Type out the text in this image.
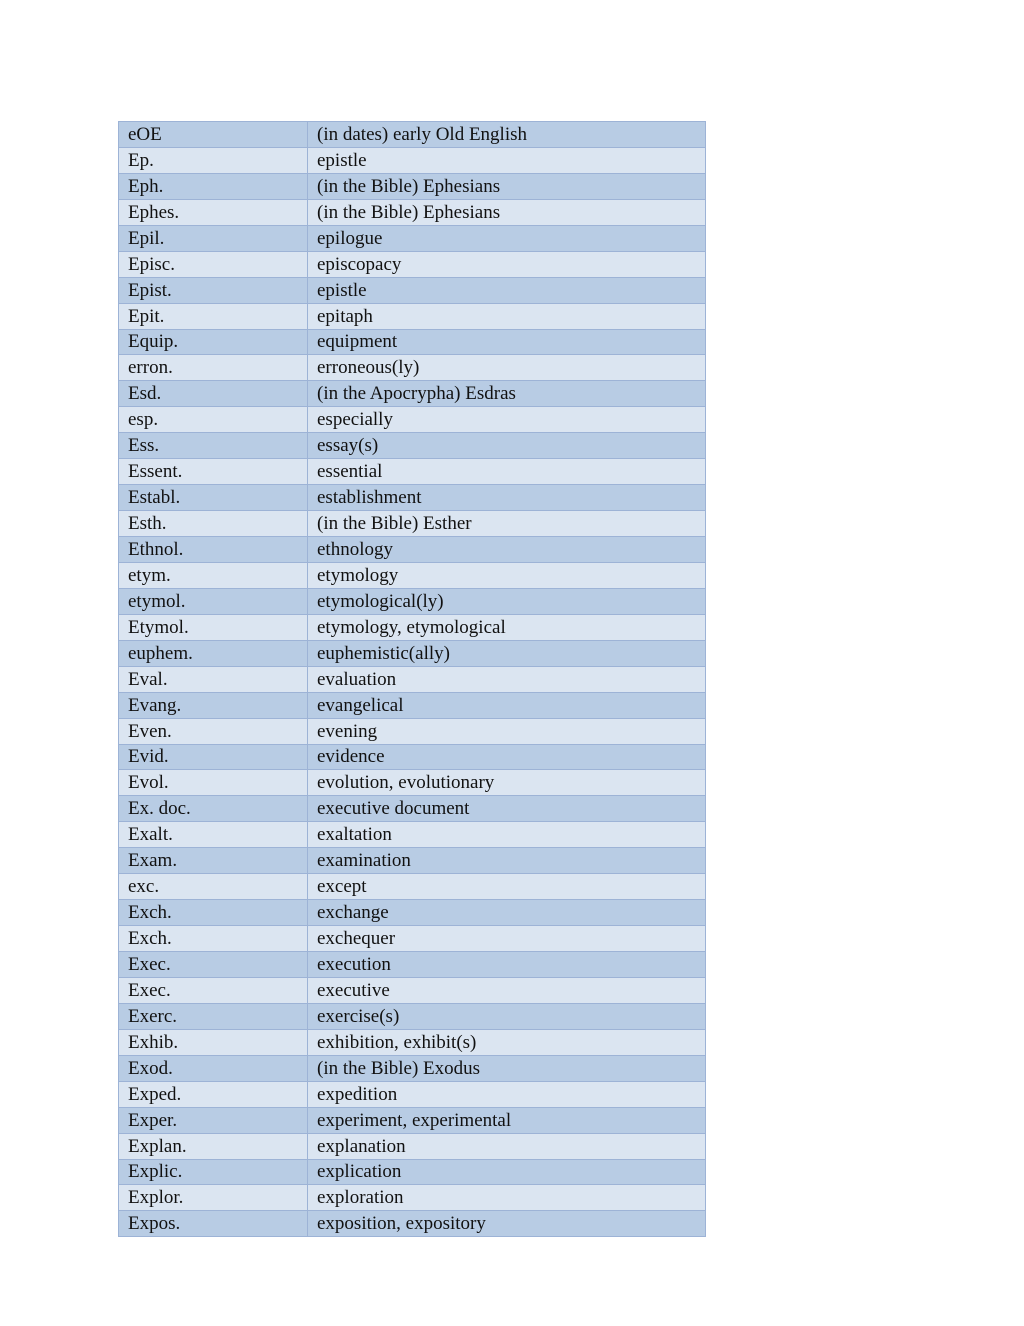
eOE	(in dates) early Old English
Ep.	epistle
Eph.	(in the Bible) Ephesians
Ephes.	(in the Bible) Ephesians
Epil.	epilogue
Episc.	episcopacy
Epist.	epistle
Epit.	epitaph
Equip.	equipment
erron.	erroneous(ly)
Esd.	(in the Apocrypha) Esdras
esp.	especially
Ess.	essay(s)
Essent.	essential
Establ.	establishment
Esth.	(in the Bible) Esther
Ethnol.	ethnology
etym.	etymology
etymol.	etymological(ly)
Etymol.	etymology, etymological
euphem.	euphemistic(ally)
Eval.	evaluation
Evang.	evangelical
Even.	evening
Evid.	evidence
Evol.	evolution, evolutionary
Ex. doc.	executive document
Exalt.	exaltation
Exam.	examination
exc.	except
Exch.	exchange
Exch.	exchequer
Exec.	execution
Exec.	executive
Exerc.	exercise(s)
Exhib.	exhibition, exhibit(s)
Exod.	(in the Bible) Exodus
Exped.	expedition
Exper.	experiment, experimental
Explan.	explanation
Explic.	explication
Explor.	exploration
Expos.	exposition, expository
